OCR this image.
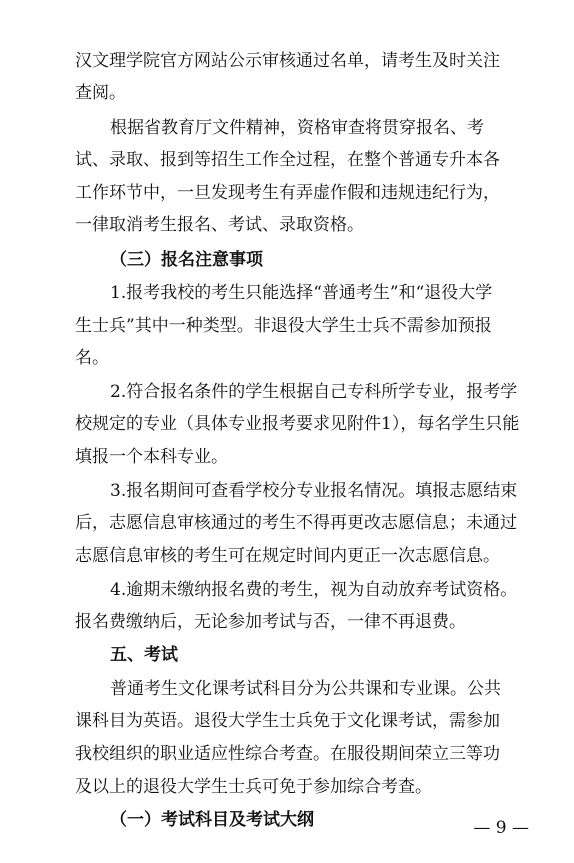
汉文理学院官方网站公示审核通过名单，请考生及时关注
查阅。
根据省教育厅文件精神，资格审查将贯穿报名、考
试、录取、报到等招生工作全过程，在整个普通专升本各
工作环节中，一旦发现考生有弄虚作假和违规违纪行为，
一律取消考生报名、考试、录取资格。
（三）报名注意事项
1.报考我校的考生只能选择“普通考生”和“退役大学
生士兵”其中一种类型。非退役大学生士兵不需参加预报
名。
2.符合报名条件的学生根据自己专科所学专业，报考学
校规定的专业（具体专业报考要求见附件1），每名学生只能
填报一个本科专业。
3.报名期间可查看学校分专业报名情况。填报志愿结束
后，志愿信息审核通过的考生不得再更改志愿信息；未通过
志愿信息审核的考生可在规定时间内更正一次志愿信息。
4.逾期未缴纳报名费的考生，视为自动放弃考试资格。
报名费缴纳后，无论参加考试与否，一律不再退费。
五、考试
普通考生文化课考试科目分为公共课和专业课。公共
课科目为英语。退役大学生士兵免于文化课考试，需参加
我校组织的职业适应性综合考查。在服役期间荣立三等功
及以上的退役大学生士兵可免于参加综合考查。
（一）考试科目及考试大纲	— 9 —
